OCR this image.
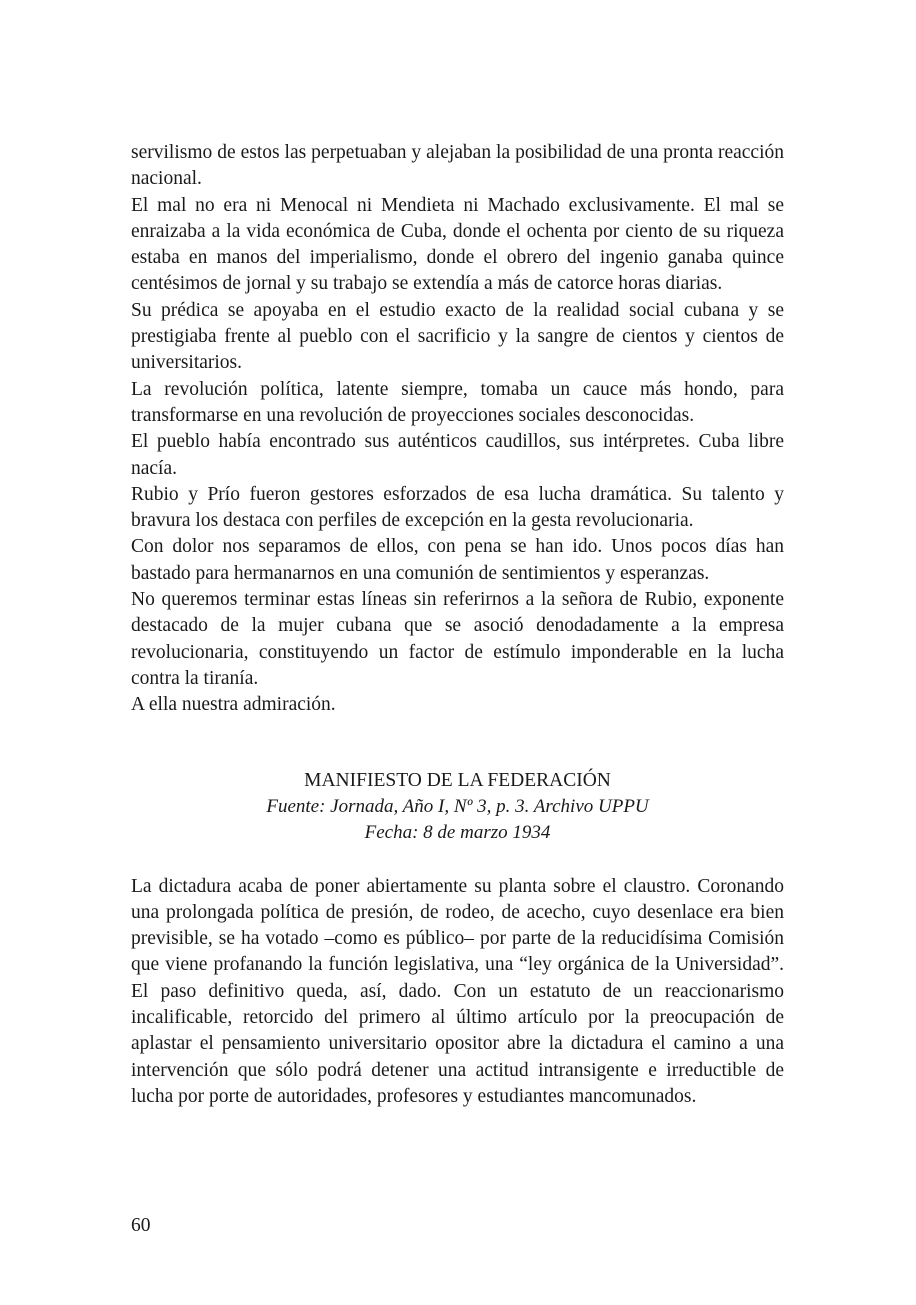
servilismo de estos las perpetuaban y alejaban la posibilidad de una pronta reacción nacional.

El mal no era ni Menocal ni Mendieta ni Machado exclusivamente. El mal se enraizaba a la vida económica de Cuba, donde el ochenta por ciento de su riqueza estaba en manos del imperialismo, donde el obrero del ingenio ganaba quince centésimos de jornal y su trabajo se extendía a más de catorce horas diarias.

Su prédica se apoyaba en el estudio exacto de la realidad social cubana y se prestigiaba frente al pueblo con el sacrificio y la sangre de cientos y cientos de universitarios.

La revolución política, latente siempre, tomaba un cauce más hondo, para transformarse en una revolución de proyecciones sociales desconocidas.

El pueblo había encontrado sus auténticos caudillos, sus intérpretes. Cuba libre nacía.

Rubio y Prío fueron gestores esforzados de esa lucha dramática. Su talento y bravura los destaca con perfiles de excepción en la gesta revolucionaria.

Con dolor nos separamos de ellos, con pena se han ido. Unos pocos días han bastado para hermanarnos en una comunión de sentimientos y esperanzas.

No queremos terminar estas líneas sin referirnos a la señora de Rubio, exponente destacado de la mujer cubana que se asoció denodadamente a la empresa revolucionaria, constituyendo un factor de estímulo imponderable en la lucha contra la tiranía.

A ella nuestra admiración.

MANIFIESTO DE LA FEDERACIÓN

Fuente: Jornada, Año I, Nº 3, p. 3. Archivo UPPU

Fecha: 8 de marzo 1934

La dictadura acaba de poner abiertamente su planta sobre el claustro. Coronando una prolongada política de presión, de rodeo, de acecho, cuyo desenlace era bien previsible, se ha votado –como es público– por parte de la reducidísima Comisión que viene profanando la función legislativa, una “ley orgánica de la Universidad”. El paso definitivo queda, así, dado. Con un estatuto de un reaccionarismo incalificable, retorcido del primero al último artículo por la preocupación de aplastar el pensamiento universitario opositor abre la dictadura el camino a una intervención que sólo podrá detener una actitud intransigente e irreductible de lucha por porte de autoridades, profesores y estudiantes mancomunados.

60
